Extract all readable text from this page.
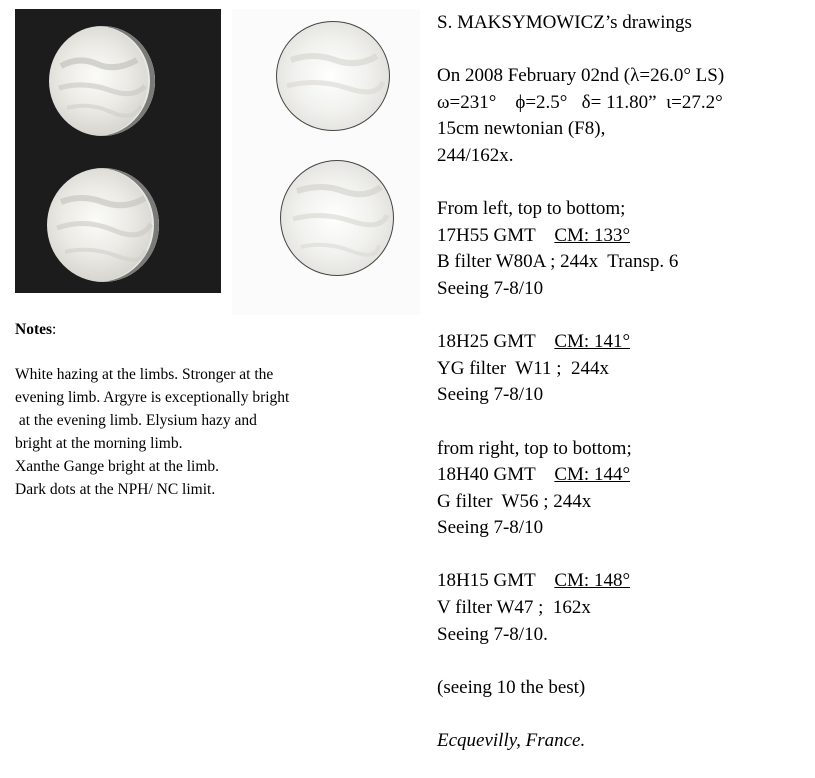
Notes:
White hazing at the limbs. Stronger at the
evening limb. Argyre is exceptionally bright
at the evening limb. Elysium hazy and
bright at the morning limb.
Xanthe Gange bright at the limb.
Dark dots at the NPH/ NC limit.
S. MAKSYMOWICZ’s drawings
On 2008 February 02nd (λ=26.0° LS)
ω=231° ϕ=2.5° δ= 11.80” ι=27.2°
15cm newtonian (F8),
244/162x.
From left, top to bottom;
17H55 GMT CM: 133°
B filter W80A ; 244x  Transp. 6
Seeing 7-8/10
18H25 GMT CM: 141°
YG filter  W11 ;  244x
Seeing 7-8/10
from right, top to bottom;
18H40 GMT CM: 144°
G filter  W56 ; 244x
Seeing 7-8/10
18H15 GMT CM: 148°
V filter W47 ;  162x
Seeing 7-8/10.
(seeing 10 the best)
Ecquevilly, France.
